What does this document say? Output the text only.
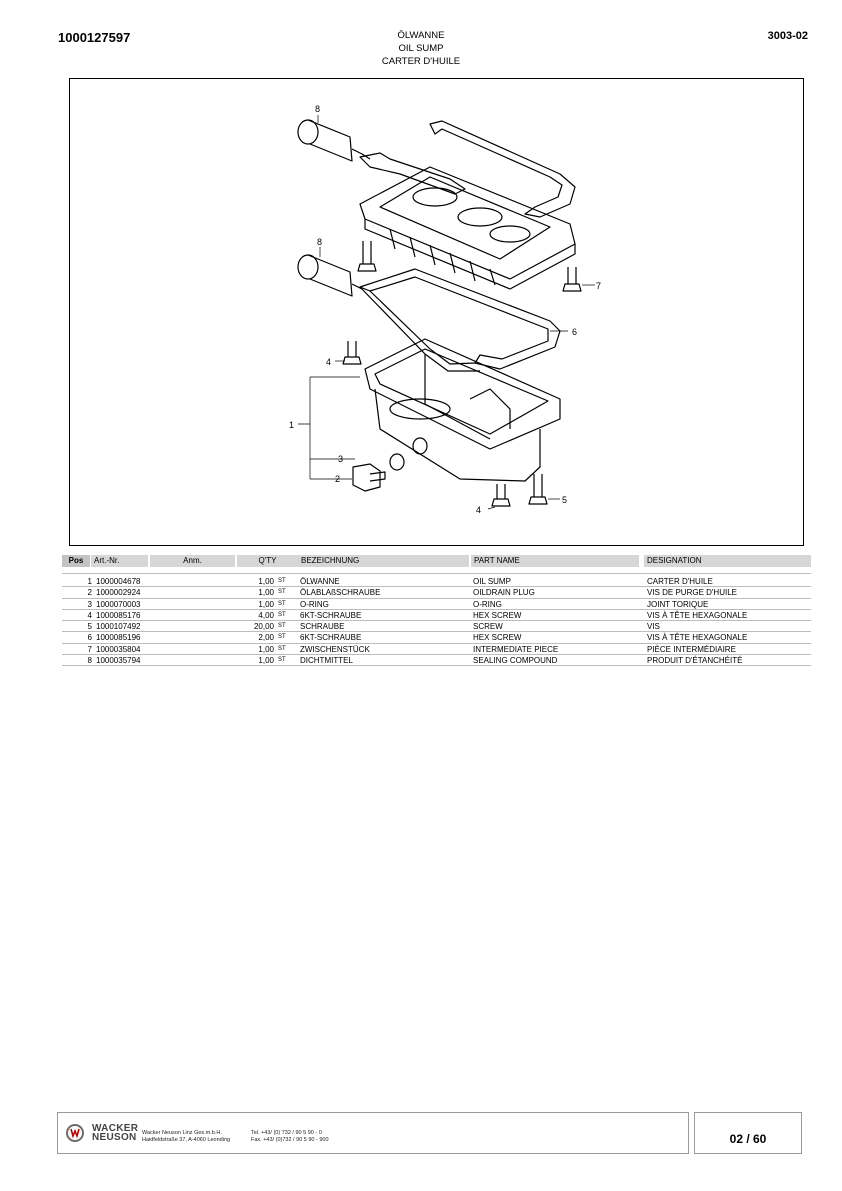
1000127597	ÖLWANNE
OIL SUMP
CARTER D'HUILE
3003-02
8
8
7
6
4
1
3
2
5
4
Pos	Art.-Nr.	Anm.	Q'TY	BEZEICHNUNG	PART NAME	DESIGNATION
1 1000004678	1,00 ST ÖLWANNE	OIL SUMP	CARTER D'HUILE
2 1000002924	1,00 ST ÖLABLAßSCHRAUBE	OILDRAIN PLUG	VIS DE PURGE D'HUILE
3 1000070003	1,00 ST O-RING	O-RING	JOINT TORIQUE
4 1000085176	4,00 ST 6KT-SCHRAUBE	HEX SCREW	VIS À TÊTE HEXAGONALE
5 1000107492	20,00 ST SCHRAUBE	SCREW	VIS
6 1000085196	2,00 ST 6KT-SCHRAUBE	HEX SCREW	VIS À TÊTE HEXAGONALE
7 1000035804	1,00 ST ZWISCHENSTÜCK	INTERMEDIATE PIECE	PIÈCE INTERMÉDIAIRE
8 1000035794	1,00 ST DICHTMITTEL	SEALING COMPOUND	PRODUIT D'ÉTANCHÉITÉ
WACKER
NEUSON Wacker Neuson Linz Ges.m.b.H.
Haidfeldstraße 37, A-4060 Leonding
Tel. +43/ (0) 732 / 90 5 90 - 0
Fax. +43/ (0)732 / 90 5 90 - 900	02 / 60
